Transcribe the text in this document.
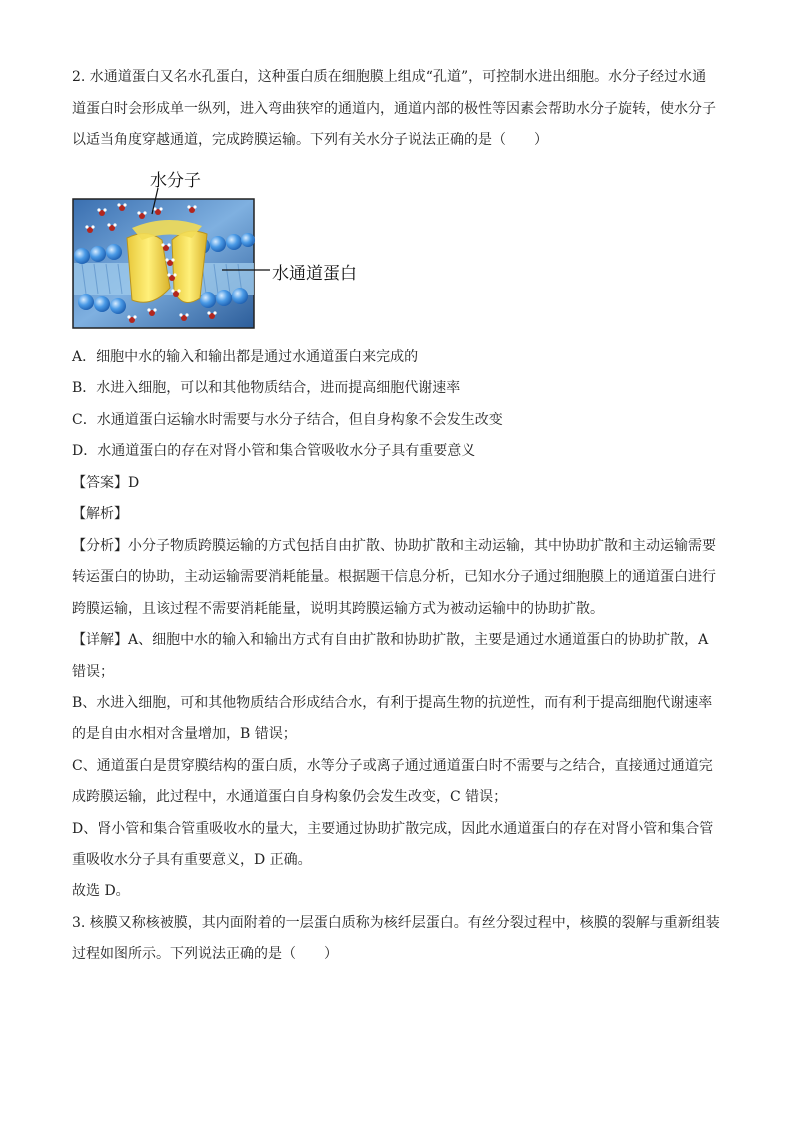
2. 水通道蛋白又名水孔蛋白，这种蛋白质在细胞膜上组成“孔道”，可控制水进出细胞。水分子经过水通
道蛋白时会形成单一纵列，进入弯曲狭窄的通道内，通道内部的极性等因素会帮助水分子旋转，使水分子
以适当角度穿越通道，完成跨膜运输。下列有关水分子说法正确的是（　　）
水分子
水通道蛋白
A．细胞中水的输入和输出都是通过水通道蛋白来完成的
B．水进入细胞，可以和其他物质结合，进而提高细胞代谢速率
C．水通道蛋白运输水时需要与水分子结合，但自身构象不会发生改变
D．水通道蛋白的存在对肾小管和集合管吸收水分子具有重要意义
【答案】D
【解析】
【分析】小分子物质跨膜运输的方式包括自由扩散、协助扩散和主动运输，其中协助扩散和主动运输需要
转运蛋白的协助，主动运输需要消耗能量。根据题干信息分析，已知水分子通过细胞膜上的通道蛋白进行
跨膜运输，且该过程不需要消耗能量，说明其跨膜运输方式为被动运输中的协助扩散。
【详解】A、细胞中水的输入和输出方式有自由扩散和协助扩散，主要是通过水通道蛋白的协助扩散，A
错误；
B、水进入细胞，可和其他物质结合形成结合水，有利于提高生物的抗逆性，而有利于提高细胞代谢速率
的是自由水相对含量增加，B 错误；
C、通道蛋白是贯穿膜结构的蛋白质，水等分子或离子通过通道蛋白时不需要与之结合，直接通过通道完
成跨膜运输，此过程中，水通道蛋白自身构象仍会发生改变，C 错误；
D、肾小管和集合管重吸收水的量大，主要通过协助扩散完成，因此水通道蛋白的存在对肾小管和集合管
重吸收水分子具有重要意义，D 正确。
故选 D。
3. 核膜又称核被膜，其内面附着的一层蛋白质称为核纤层蛋白。有丝分裂过程中，核膜的裂解与重新组装
过程如图所示。下列说法正确的是（　　）
